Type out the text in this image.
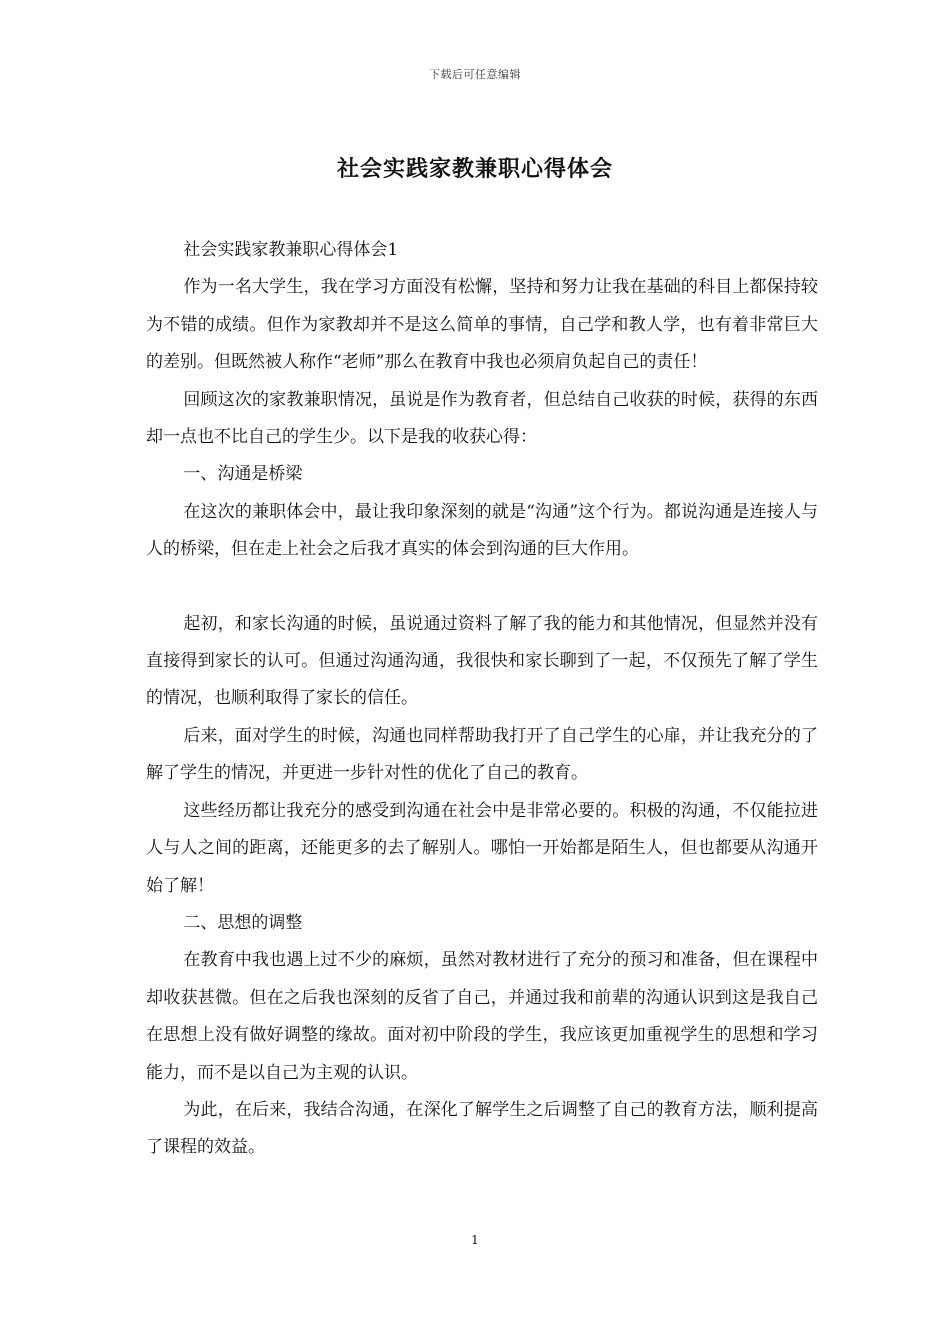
下载后可任意编辑
社会实践家教兼职心得体会

社会实践家教兼职心得体会1

作为一名大学生，我在学习方面没有松懈，坚持和努力让我在基础的科目上都保持较为不错的成绩。但作为家教却并不是这么简单的事情，自己学和教人学，也有着非常巨大的差别。但既然被人称作“老师”那么在教育中我也必须肩负起自己的责任！

回顾这次的家教兼职情况，虽说是作为教育者，但总结自己收获的时候，获得的东西却一点也不比自己的学生少。以下是我的收获心得：

一、沟通是桥梁

在这次的兼职体会中，最让我印象深刻的就是“沟通”这个行为。都说沟通是连接人与人的桥梁，但在走上社会之后我才真实的体会到沟通的巨大作用。

起初，和家长沟通的时候，虽说通过资料了解了我的能力和其他情况，但显然并没有直接得到家长的认可。但通过沟通沟通，我很快和家长聊到了一起，不仅预先了解了学生的情况，也顺利取得了家长的信任。

后来，面对学生的时候，沟通也同样帮助我打开了自己学生的心扉，并让我充分的了解了学生的情况，并更进一步针对性的优化了自己的教育。

这些经历都让我充分的感受到沟通在社会中是非常必要的。积极的沟通，不仅能拉进人与人之间的距离，还能更多的去了解别人。哪怕一开始都是陌生人，但也都要从沟通开始了解！

二、思想的调整

在教育中我也遇上过不少的麻烦，虽然对教材进行了充分的预习和准备，但在课程中却收获甚微。但在之后我也深刻的反省了自己，并通过我和前辈的沟通认识到这是我自己在思想上没有做好调整的缘故。面对初中阶段的学生，我应该更加重视学生的思想和学习能力，而不是以自己为主观的认识。

为此，在后来，我结合沟通，在深化了解学生之后调整了自己的教育方法，顺利提高了课程的效益。

1
